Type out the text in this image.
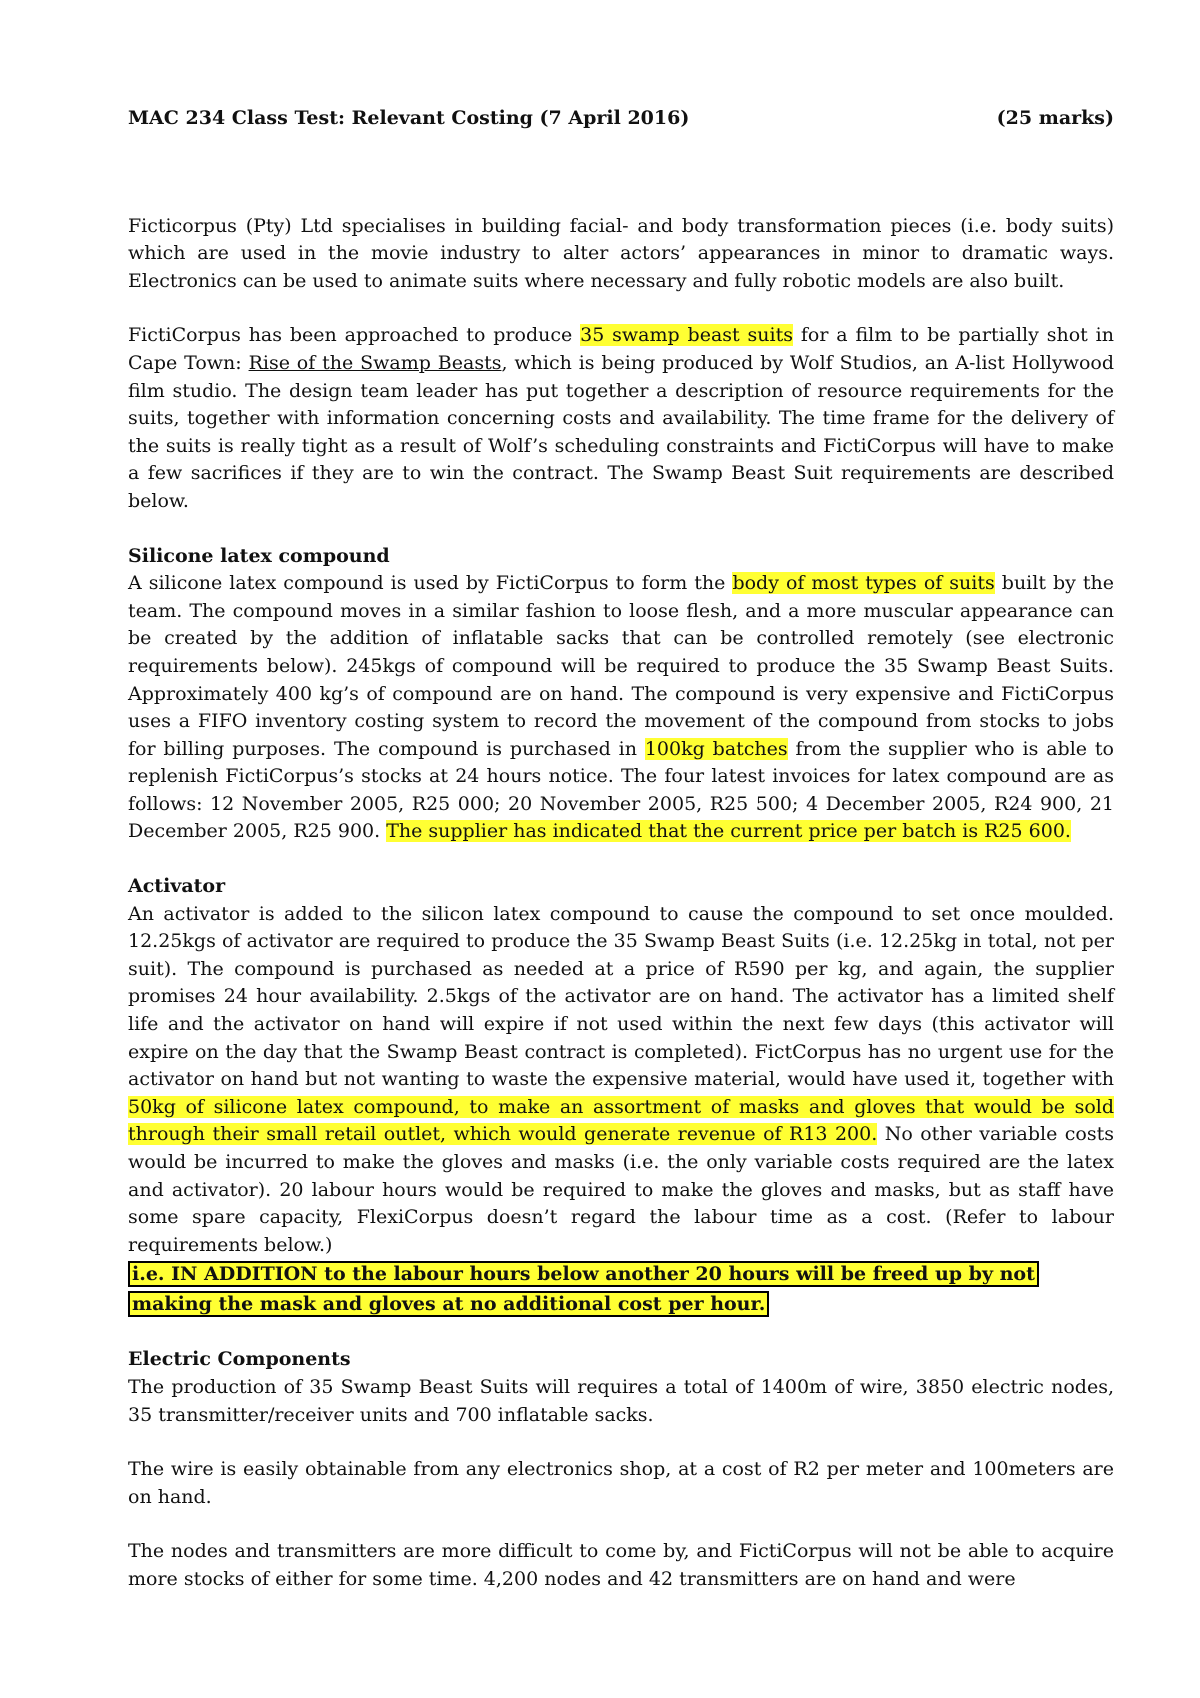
MAC 234 Class Test: Relevant Costing (7 April 2016)	(25 marks)

Ficticorpus (Pty) Ltd specialises in building facial- and body transformation pieces (i.e. body suits) which are used in the movie industry to alter actors’ appearances in minor to dramatic ways. Electronics can be used to animate suits where necessary and fully robotic models are also built.

FictiCorpus has been approached to produce 35 swamp beast suits for a film to be partially shot in Cape Town: Rise of the Swamp Beasts, which is being produced by Wolf Studios, an A-list Hollywood film studio. The design team leader has put together a description of resource requirements for the suits, together with information concerning costs and availability. The time frame for the delivery of the suits is really tight as a result of Wolf’s scheduling constraints and FictiCorpus will have to make a few sacrifices if they are to win the contract. The Swamp Beast Suit requirements are described below.

Silicone latex compound

A silicone latex compound is used by FictiCorpus to form the body of most types of suits built by the team. The compound moves in a similar fashion to loose flesh, and a more muscular appearance can be created by the addition of inflatable sacks that can be controlled remotely (see electronic requirements below). 245kgs of compound will be required to produce the 35 Swamp Beast Suits. Approximately 400 kg’s of compound are on hand. The compound is very expensive and FictiCorpus uses a FIFO inventory costing system to record the movement of the compound from stocks to jobs for billing purposes. The compound is purchased in 100kg batches from the supplier who is able to replenish FictiCorpus’s stocks at 24 hours notice. The four latest invoices for latex compound are as follows: 12 November 2005, R25 000; 20 November 2005, R25 500; 4 December 2005, R24 900, 21 December 2005, R25 900. The supplier has indicated that the current price per batch is R25 600.

Activator

An activator is added to the silicon latex compound to cause the compound to set once moulded. 12.25kgs of activator are required to produce the 35 Swamp Beast Suits (i.e. 12.25kg in total, not per suit). The compound is purchased as needed at a price of R590 per kg, and again, the supplier promises 24 hour availability. 2.5kgs of the activator are on hand. The activator has a limited shelf life and the activator on hand will expire if not used within the next few days (this activator will expire on the day that the Swamp Beast contract is completed). FictCorpus has no urgent use for the activator on hand but not wanting to waste the expensive material, would have used it, together with 50kg of silicone latex compound, to make an assortment of masks and gloves that would be sold through their small retail outlet, which would generate revenue of R13 200. No other variable costs would be incurred to make the gloves and masks (i.e. the only variable costs required are the latex and activator). 20 labour hours would be required to make the gloves and masks, but as staff have some spare capacity, FlexiCorpus doesn’t regard the labour time as a cost. (Refer to labour requirements below.)

i.e. IN ADDITION to the labour hours below another 20 hours will be freed up by not making the mask and gloves at no additional cost per hour.
Electric Components

The production of 35 Swamp Beast Suits will requires a total of 1400m of wire, 3850 electric nodes, 35 transmitter/receiver units and 700 inflatable sacks.

The wire is easily obtainable from any electronics shop, at a cost of R2 per meter and 100meters are on hand.

The nodes and transmitters are more difficult to come by, and FictiCorpus will not be able to acquire more stocks of either for some time. 4,200 nodes and 42 transmitters are on hand and were
